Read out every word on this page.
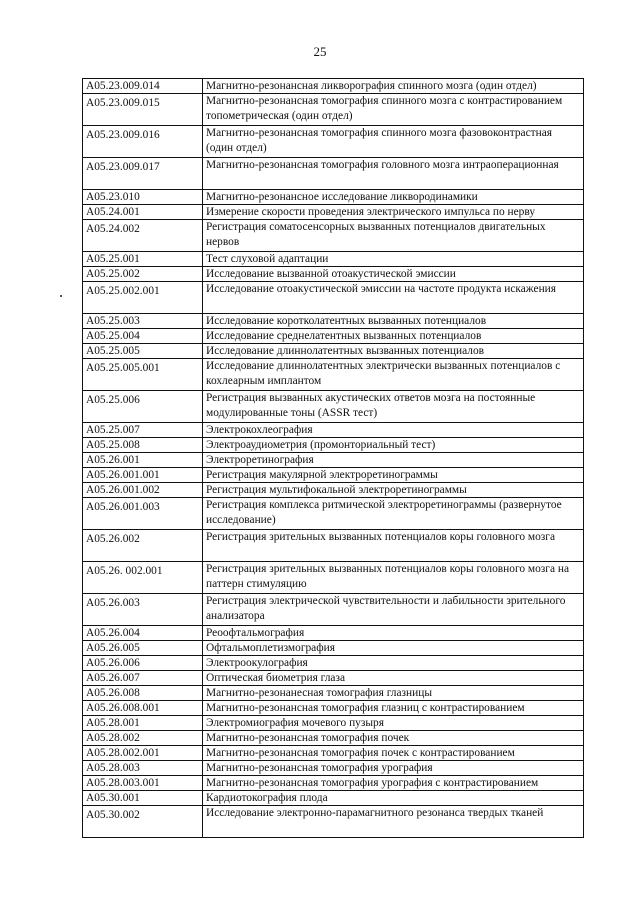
25
A05.23.009.014	Магнитно-резонансная ликворография спинного мозга (один отдел)
A05.23.009.015	Магнитно-резонансная томография спинного мозга с контрастированием топометрическая (один отдел)
A05.23.009.016	Магнитно-резонансная томография спинного мозга фазовоконтрастная (один отдел)
A05.23.009.017	Магнитно-резонансная томография головного мозга интраоперационная
A05.23.010	Магнитно-резонансное исследование ликвородинамики
A05.24.001	Измерение скорости проведения электрического импульса по нерву
A05.24.002	Регистрация соматосенсорных вызванных потенциалов двигательных нервов
A05.25.001	Тест слуховой адаптации
A05.25.002	Исследование вызванной отоакустической эмиссии
A05.25.002.001	Исследование отоакустической эмиссии на частоте продукта искажения
A05.25.003	Исследование коротколатентных вызванных потенциалов
A05.25.004	Исследование среднелатентных вызванных потенциалов
A05.25.005	Исследование длиннолатентных вызванных потенциалов
A05.25.005.001	Исследование длиннолатентных электрически вызванных потенциалов с кохлеарным имплантом
A05.25.006	Регистрация вызванных акустических ответов мозга на постоянные модулированные тоны (ASSR тест)
A05.25.007	Электрокохлеография
A05.25.008	Электроаудиометрия (промонториальный тест)
A05.26.001	Электроретинография
A05.26.001.001	Регистрация макулярной электроретинограммы
A05.26.001.002	Регистрация мультифокальной электроретинограммы
A05.26.001.003	Регистрация комплекса ритмической электроретинограммы (развернутое исследование)
A05.26.002	Регистрация зрительных вызванных потенциалов коры головного мозга
A05.26. 002.001	Регистрация зрительных вызванных потенциалов коры головного мозга на паттерн стимуляцию
A05.26.003	Регистрация электрической чувствительности и лабильности зрительного анализатора
A05.26.004	Реоофтальмография
A05.26.005	Офтальмоплетизмография
A05.26.006	Электроокулография
A05.26.007	Оптическая биометрия глаза
A05.26.008	Магнитно-резонанесная томография глазницы
A05.26.008.001	Магнитно-резонансная томография глазниц с контрастированием
A05.28.001	Электромиография мочевого пузыря
A05.28.002	Магнитно-резонансная томография почек
A05.28.002.001	Магнитно-резонансная томография почек с контрастированием
A05.28.003	Магнитно-резонансная томография урография
A05.28.003.001	Магнитно-резонансная томография урография с контрастированием
A05.30.001	Кардиотокография плода
A05.30.002	Исследование электронно-парамагнитного резонанса твердых тканей
